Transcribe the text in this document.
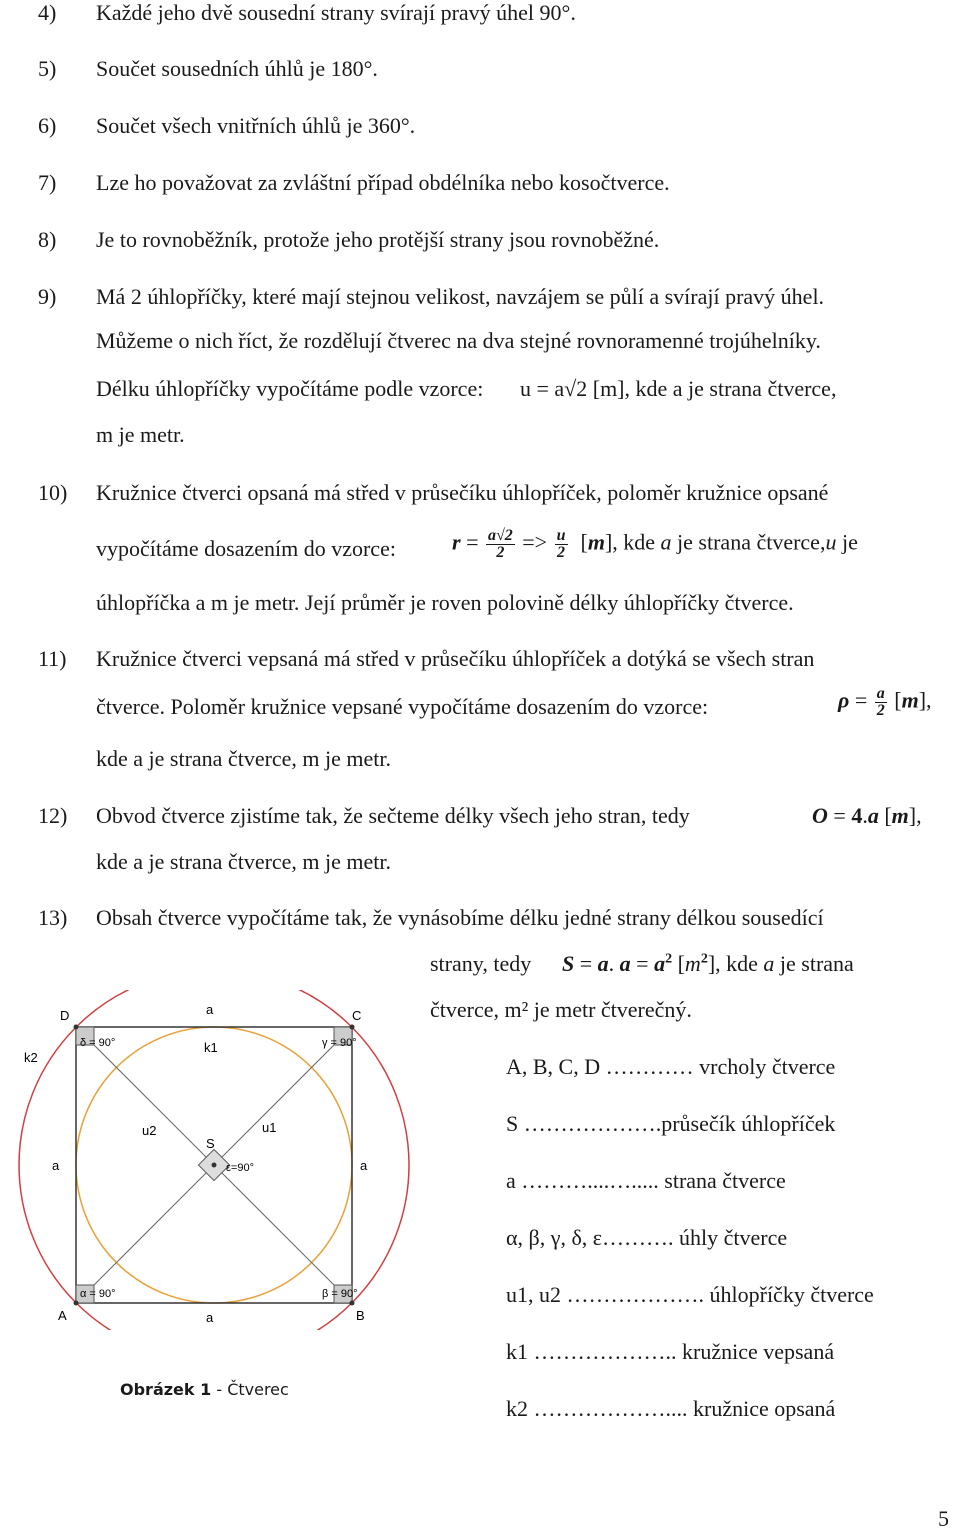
4) Každé jeho dvě sousední strany svírají pravý úhel 90°.
5) Součet sousedních úhlů je 180°.
6) Součet všech vnitřních úhlů je 360°.
7) Lze ho považovat za zvláštní případ obdélníka nebo kosočtverce.
8) Je to rovnoběžník, protože jeho protější strany jsou rovnoběžné.
9) Má 2 úhlopříčky, které mají stejnou velikost, navzájem se půlí a svírají pravý úhel.
Můžeme o nich říct, že rozdělují čtverec na dva stejné rovnoramenné trojúhelníky.
Délku úhlopříčky vypočítáme podle vzorce: u = a√2 [m], kde a je strana čtverce,
m je metr.
10) Kružnice čtverci opsaná má střed v průsečíku úhlopříček, poloměr kružnice opsané
vypočítáme dosazením do vzorce:	$r = \frac{a√2}{2} => \frac{u}{2} [m]$, kde a je strana čtverce,u je
úhlopříčka a m je metr. Její průměr je roven polovině délky úhlopříčky čtverce.
11) Kružnice čtverci vepsaná má střed v průsečíku úhlopříček a dotýká se všech stran
čtverce. Poloměr kružnice vepsané vypočítáme dosazením do vzorce:	$\rho = \frac{a}{2} [m]$,
kde a je strana čtverce, m je metr.
12) Obvod čtverce zjistíme tak, že sečteme délky všech jeho stran, tedy	O = 4.a [m],
kde a je strana čtverce, m je metr.
13) Obsah čtverce vypočítáme tak, že vynásobíme délku jedné strany délkou sousedící
strany, tedy S = a. $a = a^2$ $[m^2]$, kde a je strana
čtverce, m² je metr čtverečný.
A	B
C
D
S
a
a
a	a
α = 90°	β = 90°
γ = 90°
δ = 90°
ε=90°
u1
u2
k1
k2	A, B, C, D ………… vrcholy čtverce
S ……………….průsečík úhlopříček
a ………....…..... strana čtverce
α, β, γ, δ, ε………. úhly čtverce
u1, u2 ………………. úhlopříčky čtverce
k1 ……………….. kružnice vepsaná
k2 ……………….... kružnice opsaná
Obrázek 1 - Čtverec
5
